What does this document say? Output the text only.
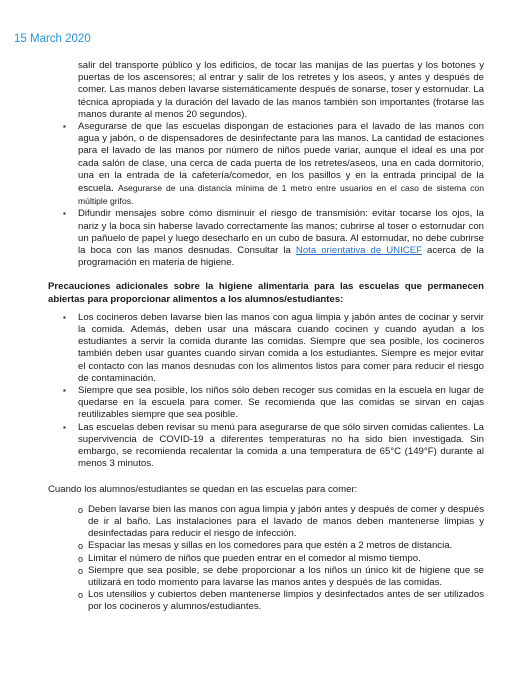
15 March 2020

salir del transporte público y los edificios, de tocar las manijas de las puertas y los botones y puertas de los ascensores; al entrar y salir de los retretes y los aseos, y antes y después de comer. Las manos deben lavarse sistemáticamente después de sonarse, toser y estornudar. La técnica apropiada y la duración del lavado de las manos también son importantes (frotarse las manos durante al menos 20 segundos).

▪ Asegurarse de que las escuelas dispongan de estaciones para el lavado de las manos con agua y jabón, o de dispensadores de desinfectante para las manos. La cantidad de estaciones para el lavado de las manos por número de niños puede variar, aunque el ideal es una por cada salón de clase, una cerca de cada puerta de los retretes/aseos, una en cada dormitorio, una en la entrada de la cafetería/comedor, en los pasillos y en la entrada principal de la escuela. Asegurarse de una distancia mínima de 1 metro entre usuarios en el caso de sistema con múltiple grifos.
▪ Difundir mensajes sobre cómo disminuir el riesgo de transmisión: evitar tocarse los ojos, la nariz y la boca sin haberse lavado correctamente las manos; cubrirse al toser o estornudar con un pañuelo de papel y luego desecharlo en un cubo de basura. Al estornudar, no debe cubrirse la boca con las manos desnudas. Consultar la Nota orientativa de UNICEF acerca de la programación en materia de higiene.

Precauciones adicionales sobre la higiene alimentaria para las escuelas que permanecen abiertas para proporcionar alimentos a los alumnos/estudiantes:

▪ Los cocineros deben lavarse bien las manos con agua limpia y jabón antes de cocinar y servir la comida. Además, deben usar una máscara cuando cocinen y cuando ayudan a los estudiantes a servir la comida durante las comidas. Siempre que sea posible, los cocineros también deben usar guantes cuando sirvan comida a los estudiantes. Siempre es mejor evitar el contacto con las manos desnudas con los alimentos listos para comer para reducir el riesgo de contaminación.
▪ Siempre que sea posible, los niños sólo deben recoger sus comidas en la escuela en lugar de quedarse en la escuela para comer. Se recomienda que las comidas se sirvan en cajas reutilizables siempre que sea posible.
▪ Las escuelas deben revisar su menú para asegurarse de que sólo sirven comidas calientes. La supervivencia de COVID-19 a diferentes temperaturas no ha sido bien investigada. Sin embargo, se recomienda recalentar la comida a una temperatura de 65°C (149°F) durante al menos 3 minutos.

Cuando los alumnos/estudiantes se quedan en las escuelas para comer:

o Deben lavarse bien las manos con agua limpia y jabón antes y después de comer y después de ir al baño. Las instalaciones para el lavado de manos deben mantenerse limpias y desinfectadas para reducir el riesgo de infección.
o Espaciar las mesas y sillas en los comedores para que estén a 2 metros de distancia.
o Limitar el número de niños que pueden entrar en el comedor al mismo tiempo.
o Siempre que sea posible, se debe proporcionar a los niños un único kit de higiene que se utilizará en todo momento para lavarse las manos antes y después de las comidas.
o Los utensilios y cubiertos deben mantenerse limpios y desinfectados antes de ser utilizados por los cocineros y alumnos/estudiantes.
